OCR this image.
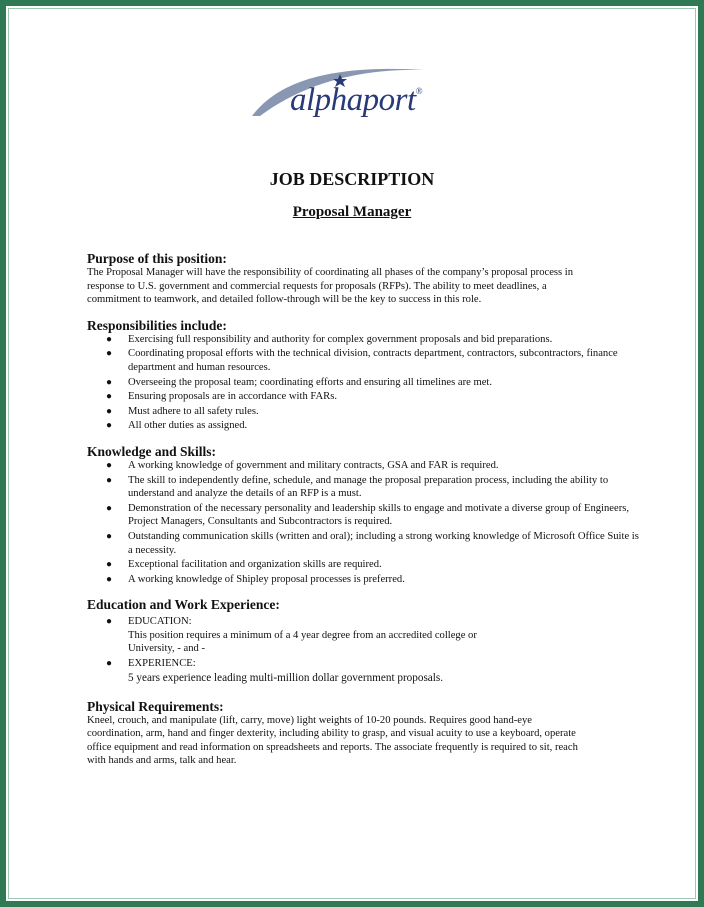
alphaport®
JOB DESCRIPTION
Proposal Manager
Purpose of this position:

The Proposal Manager will have the responsibility of coordinating all phases of the company’s proposal process in
response to U.S. government and commercial requests for proposals (RFPs). The ability to meet deadlines, a
commitment to teamwork, and detailed follow-through will be the key to success in this role.

Responsibilities include:
● Exercising full responsibility and authority for complex government proposals and bid preparations.
● Coordinating proposal efforts with the technical division, contracts department, contractors, subcontractors, finance
department and human resources.
● Overseeing the proposal team; coordinating efforts and ensuring all timelines are met.
● Ensuring proposals are in accordance with FARs.
● Must adhere to all safety rules.
● All other duties as assigned.
Knowledge and Skills:
● A working knowledge of government and military contracts, GSA and FAR is required.
● The skill to independently define, schedule, and manage the proposal preparation process, including the ability to
understand and analyze the details of an RFP is a must.
● Demonstration of the necessary personality and leadership skills to engage and motivate a diverse group of Engineers,
Project Managers, Consultants and Subcontractors is required.
● Outstanding communication skills (written and oral); including a strong working knowledge of Microsoft Office Suite is
a necessity.
● Exceptional facilitation and organization skills are required.
● A working knowledge of Shipley proposal processes is preferred.
Education and Work Experience:
● EDUCATION:
This position requires a minimum of a 4 year degree from an accredited college or
University, - and -
● EXPERIENCE:
5 years experience leading multi-million dollar government proposals.
Physical Requirements:

Kneel, crouch, and manipulate (lift, carry, move) light weights of 10-20 pounds. Requires good hand-eye
coordination, arm, hand and finger dexterity, including ability to grasp, and visual acuity to use a keyboard, operate
office equipment and read information on spreadsheets and reports. The associate frequently is required to sit, reach
with hands and arms, talk and hear.
